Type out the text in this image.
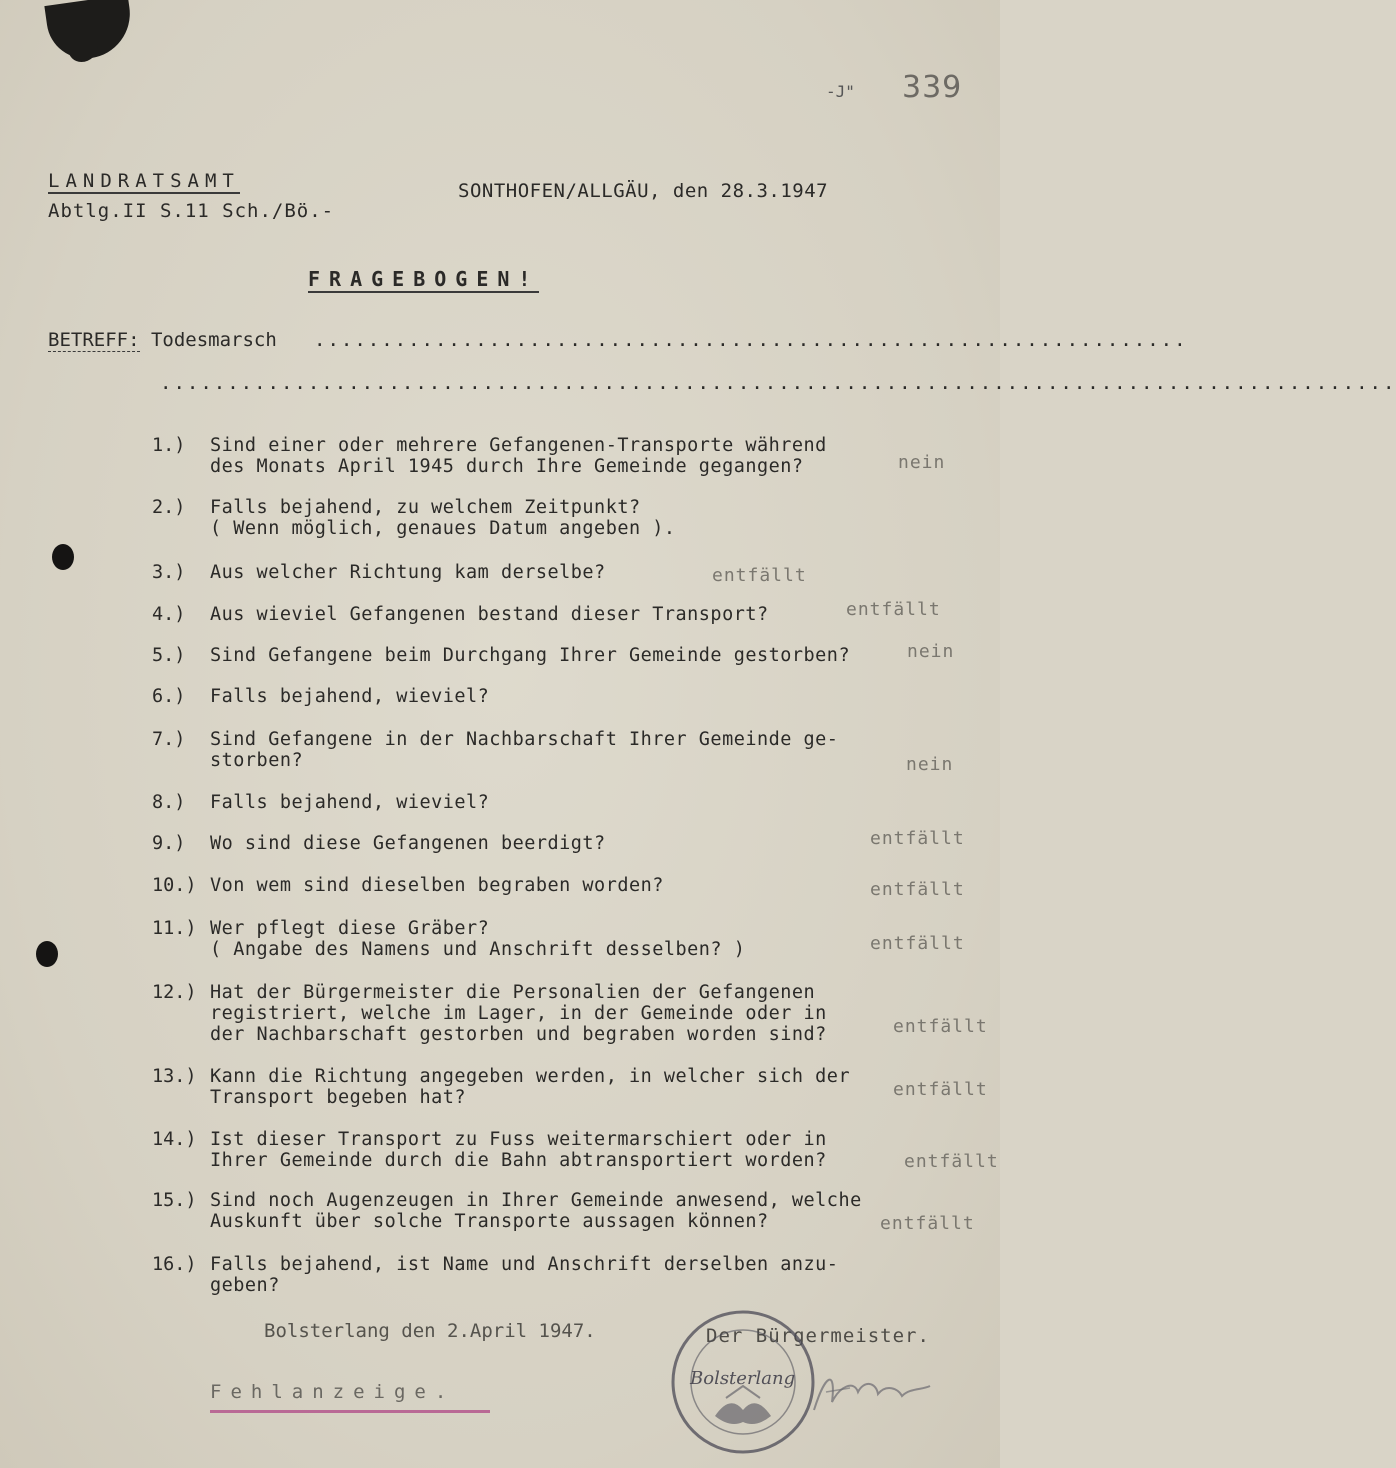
-J" 339
LANDRATSAMT
Abtlg.II S.11 Sch./Bö.-
SONTHOFEN/ALLGÄU, den 28.3.1947
FRAGEBOGEN!
BETREFF: Todesmarsch .................................................................
............................................................................................
1.)	Sind einer oder mehrere Gefangenen-Transporte während
des Monats April 1945 durch Ihre Gemeinde gegangen?	nein
2.)	Falls bejahend, zu welchem Zeitpunkt?
( Wenn möglich, genaues Datum angeben ).
3.)	Aus welcher Richtung kam derselbe?	entfällt
4.)	Aus wieviel Gefangenen bestand dieser Transport?	entfällt
5.)	Sind Gefangene beim Durchgang Ihrer Gemeinde gestorben?	nein
6.)	Falls bejahend, wieviel?
7.)	Sind Gefangene in der Nachbarschaft Ihrer Gemeinde ge-
storben?	nein
8.)	Falls bejahend, wieviel?
9.)	Wo sind diese Gefangenen beerdigt?	entfällt
10.) Von wem sind dieselben begraben worden?	entfällt
11.) Wer pflegt diese Gräber?
( Angabe des Namens und Anschrift desselben? )	entfällt
12.) Hat der Bürgermeister die Personalien der Gefangenen
registriert, welche im Lager, in der Gemeinde oder in
der Nachbarschaft gestorben und begraben worden sind?	entfällt
13.) Kann die Richtung angegeben werden, in welcher sich der
Transport begeben hat?	entfällt
14.) Ist dieser Transport zu Fuss weitermarschiert oder in
Ihrer Gemeinde durch die Bahn abtransportiert worden?	entfällt
15.) Sind noch Augenzeugen in Ihrer Gemeinde anwesend, welche
Auskunft über solche Transporte aussagen können?	entfällt
16.) Falls bejahend, ist Name und Anschrift derselben anzu-
geben?
Bolsterlang den 2.April 1947.	Der Bürgermeister.
Bolsterlang
Fehlanzeige.
